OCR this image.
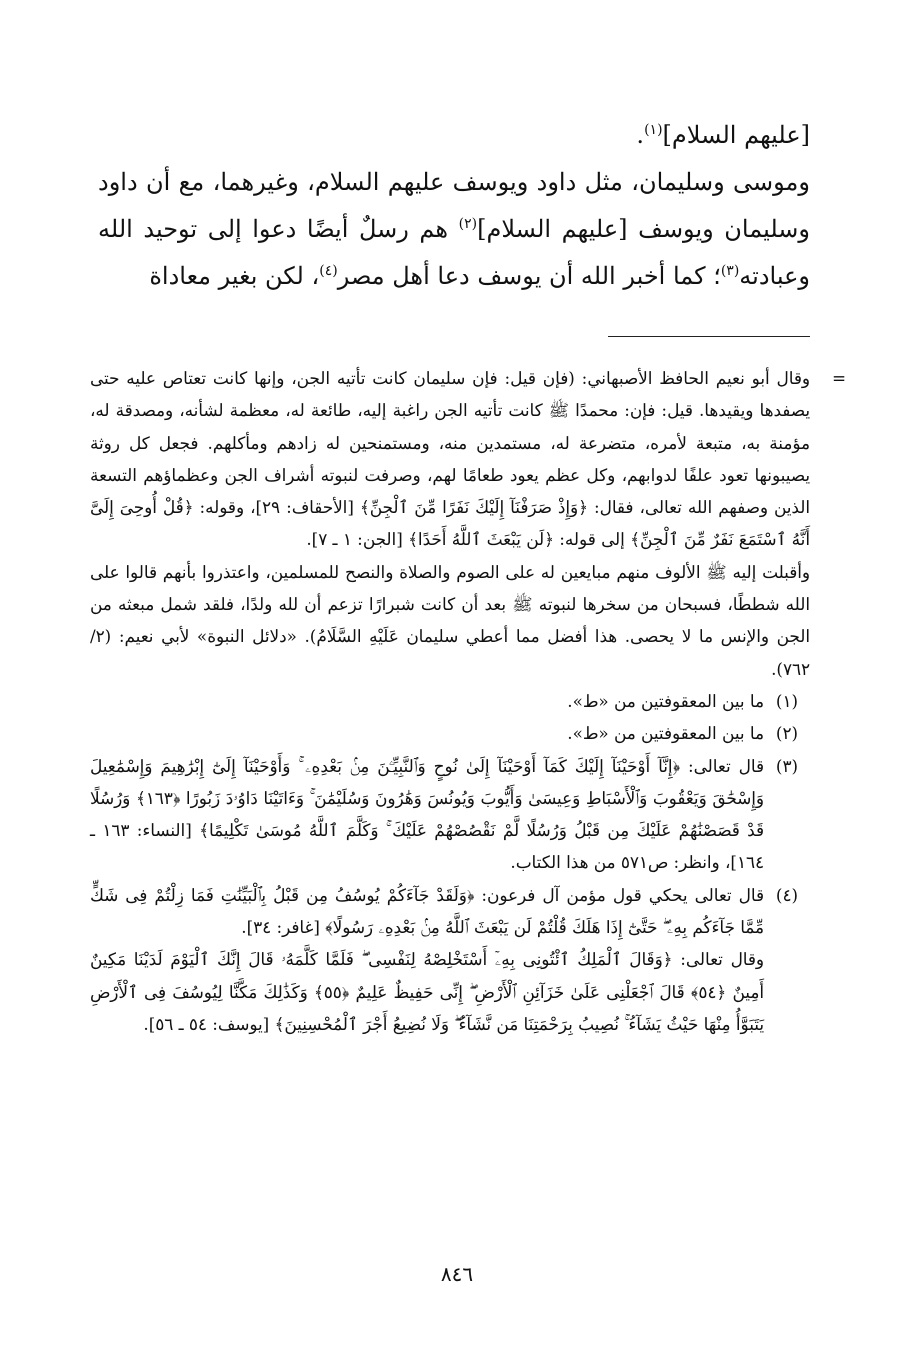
[عليهم السلام]$^{(١)}$.

وموسى وسليمان، مثل داود ويوسف عليهم السلام، وغيرهما، مع أن داود وسليمان ويوسف [عليهم السلام]$^{(٢)}$ هم رسلٌ أيضًا دعوا إلى توحيد الله وعبادته$^{(٣)}$؛ كما أخبر الله أن يوسف دعا أهل مصر$^{(٤)}$، لكن بغير معاداة

=

وقال أبو نعيم الحافظ الأصبهاني: (فإن قيل: فإن سليمان كانت تأتيه الجن، وإنها كانت تعتاص عليه حتى يصفدها ويقيدها. قيل: فإن: محمدًا ﷺ كانت تأتيه الجن راغبة إليه، طائعة له، معظمة لشأنه، ومصدقة له، مؤمنة به، متبعة لأمره، متضرعة له، مستمدين منه، ومستمنحين له زادهم ومأكلهم. فجعل كل روثة يصيبونها تعود علفًا لدوابهم، وكل عظم يعود طعامًا لهم، وصرفت لنبوته أشراف الجن وعظماؤهم التسعة الذين وصفهم الله تعالى، فقال: ﴿وَإِذْ صَرَفْنَآ إِلَيْكَ نَفَرًا مِّنَ ٱلْجِنِّ﴾ [الأحقاف: ٢٩]، وقوله: ﴿قُلْ أُوحِىَ إِلَىَّ أَنَّهُ ٱسْتَمَعَ نَفَرٌ مِّنَ ٱلْجِنِّ﴾ إلى قوله: ﴿لَن يَبْعَثَ ٱللَّهُ أَحَدًا﴾ [الجن: ١ ـ ٧].

وأقبلت إليه ﷺ الألوف منهم مبايعين له على الصوم والصلاة والنصح للمسلمين، واعتذروا بأنهم قالوا على الله شططًا، فسبحان من سخرها لنبوته ﷺ بعد أن كانت شبرارًا تزعم أن لله ولدًا، فلقد شمل مبعثه من الجن والإنس ما لا يحصى. هذا أفضل مما أعطي سليمان عَلَيْهِ السَّلَامُ). «دلائل النبوة» لأبي نعيم: (٢/ ٧٦٢).

(١)
ما بين المعقوفتين من «ط».
(٢)
ما بين المعقوفتين من «ط».
(٣)
قال تعالى: ﴿إِنَّآ أَوْحَيْنَآ إِلَيْكَ كَمَآ أَوْحَيْنَآ إِلَىٰ نُوحٍ وَٱلنَّبِيِّـۧنَ مِنۢ بَعْدِهِۦ ۚ وَأَوْحَيْنَآ إِلَىٰٓ إِبْرَٰهِيمَ وَإِسْمَٰعِيلَ وَإِسْحَٰقَ وَيَعْقُوبَ وَٱلْأَسْبَاطِ وَعِيسَىٰ وَأَيُّوبَ وَيُونُسَ وَهَٰرُونَ وَسُلَيْمَٰنَ ۚ وَءَاتَيْنَا دَاوُۥدَ زَبُورًا ﴿١٦٣﴾ وَرُسُلًا قَدْ قَصَصْنَٰهُمْ عَلَيْكَ مِن قَبْلُ وَرُسُلًا لَّمْ نَقْصُصْهُمْ عَلَيْكَ ۚ وَكَلَّمَ ٱللَّهُ مُوسَىٰ تَكْلِيمًا﴾ [النساء: ١٦٣ ـ ١٦٤]، وانظر: ص٥٧١ من هذا الكتاب.
(٤)
قال تعالى يحكي قول مؤمن آل فرعون: ﴿وَلَقَدْ جَآءَكُمْ يُوسُفُ مِن قَبْلُ بِٱلْبَيِّنَٰتِ فَمَا زِلْتُمْ فِى شَكٍّ مِّمَّا جَآءَكُم بِهِۦ ۖ حَتَّىٰٓ إِذَا هَلَكَ قُلْتُمْ لَن يَبْعَثَ ٱللَّهُ مِنۢ بَعْدِهِۦ رَسُولًا﴾ [غافر: ٣٤].
وقال تعالى: ﴿وَقَالَ ٱلْمَلِكُ ٱئْتُونِى بِهِۦٓ أَسْتَخْلِصْهُ لِنَفْسِى ۖ فَلَمَّا كَلَّمَهُۥ قَالَ إِنَّكَ ٱلْيَوْمَ لَدَيْنَا مَكِينٌ أَمِينٌ ﴿٥٤﴾ قَالَ ٱجْعَلْنِى عَلَىٰ خَزَآئِنِ ٱلْأَرْضِ ۖ إِنِّى حَفِيظٌ عَلِيمٌ ﴿٥٥﴾ وَكَذَٰلِكَ مَكَّنَّا لِيُوسُفَ فِى ٱلْأَرْضِ يَتَبَوَّأُ مِنْهَا حَيْثُ يَشَآءُ ۚ نُصِيبُ بِرَحْمَتِنَا مَن نَّشَآءُ ۖ وَلَا نُضِيعُ أَجْرَ ٱلْمُحْسِنِينَ﴾ [يوسف: ٥٤ ـ ٥٦].
٨٤٦
